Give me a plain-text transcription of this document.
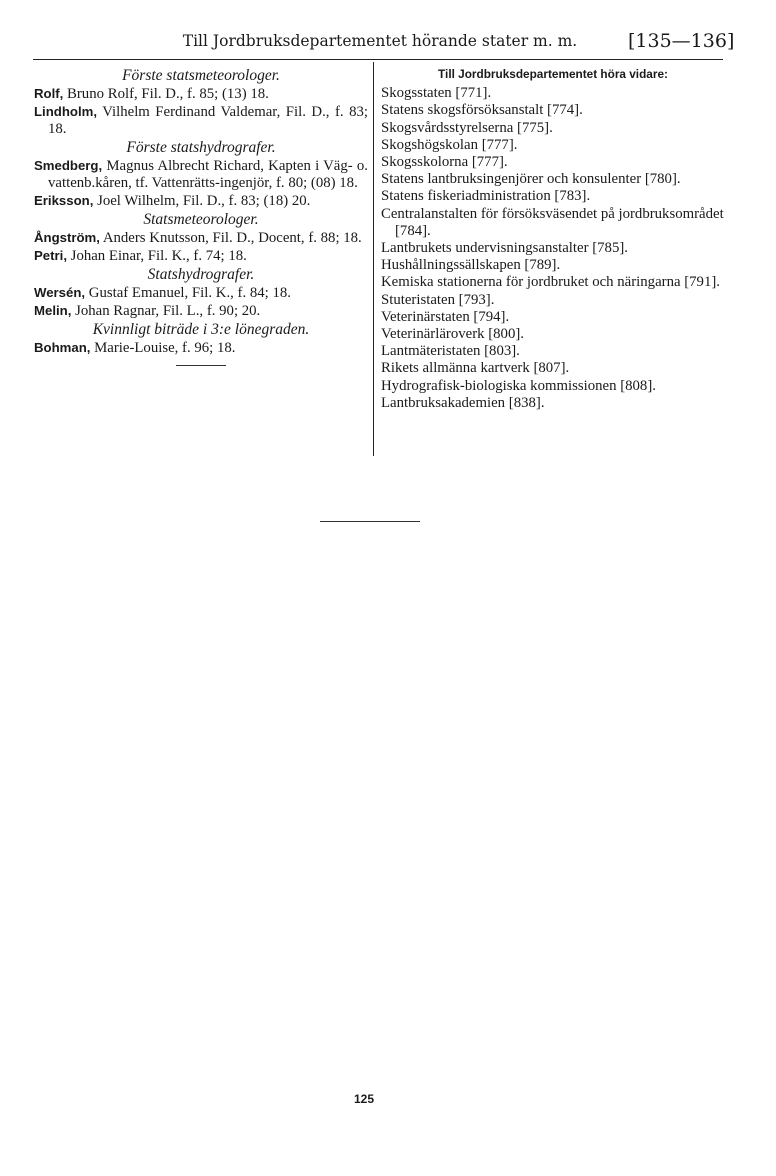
Till Jordbruksdepartementet hörande stater m. m.	[135—136]
Förste statsmeteorologer.
Rolf, Bruno Rolf, Fil. D., f. 85; (13) 18.
Lindholm, Vilhelm Ferdinand Valdemar, Fil. D., f. 83; 18.
Förste statshydrografer.
Smedberg, Magnus Albrecht Richard, Kapten i Väg- o. vattenb.kåren, tf. Vattenrätts-ingenjör, f. 80; (08) 18.
Eriksson, Joel Wilhelm, Fil. D., f. 83; (18) 20.
Statsmeteorologer.
Ångström, Anders Knutsson, Fil. D., Docent, f. 88; 18.
Petri, Johan Einar, Fil. K., f. 74; 18.
Statshydrografer.
Wersén, Gustaf Emanuel, Fil. K., f. 84; 18.
Melin, Johan Ragnar, Fil. L., f. 90; 20.
Kvinnligt biträde i 3:e lönegraden.
Bohman, Marie-Louise, f. 96; 18.
Till Jordbruksdepartementet höra vidare:
Skogsstaten [771].
Statens skogsförsöksanstalt [774].
Skogsvårdsstyrelserna [775].
Skogshögskolan [777].
Skogsskolorna [777].
Statens lantbruksingenjörer och konsulenter [780].
Statens fiskeriadministration [783].
Centralanstalten för försöksväsendet på jordbruksområdet [784].
Lantbrukets undervisningsanstalter [785].
Hushållningssällskapen [789].
Kemiska stationerna för jordbruket och näringarna [791].
Stuteristaten [793].
Veterinärstaten [794].
Veterinärläroverk [800].
Lantmäteristaten [803].
Rikets allmänna kartverk [807].
Hydrografisk-biologiska kommissionen [808].
Lantbruksakademien [838].
125
